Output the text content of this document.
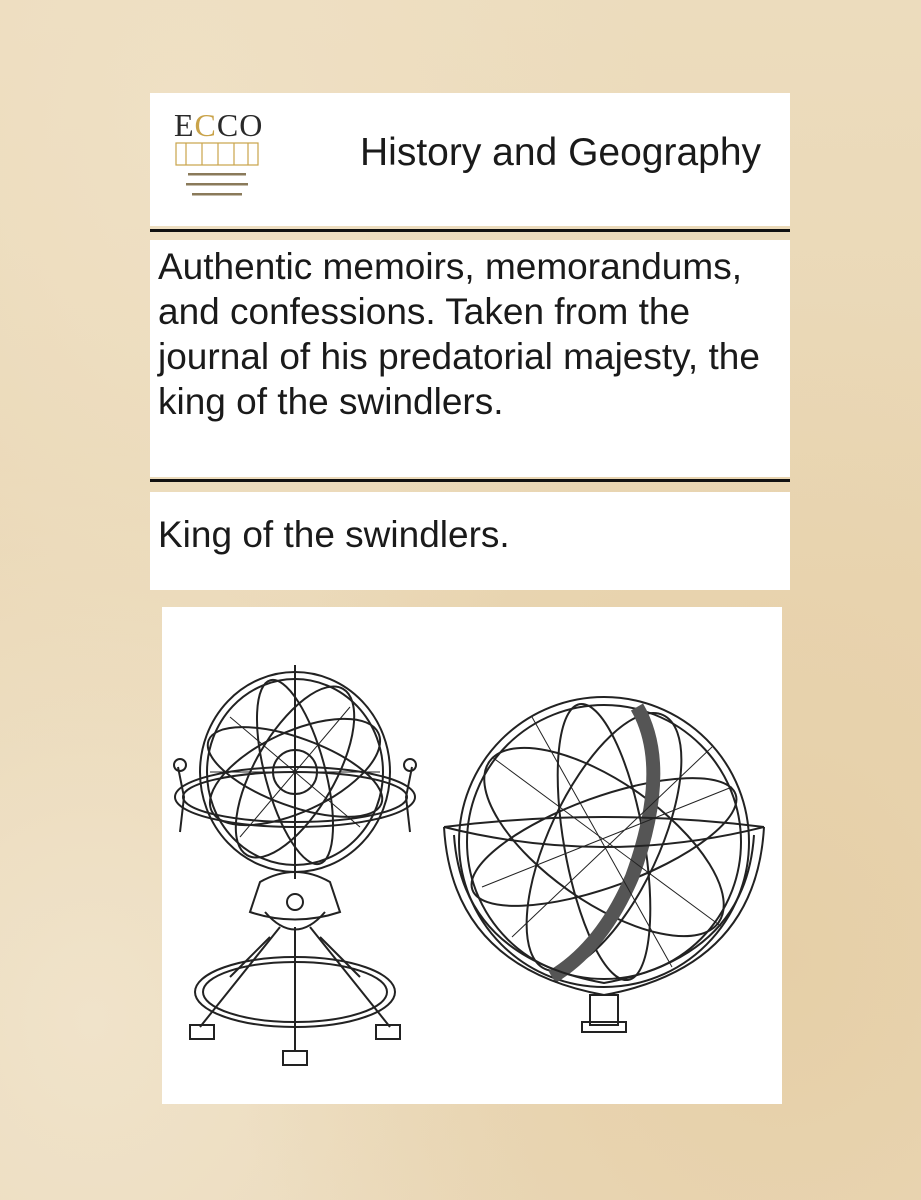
ECCO
History and Geography
Authentic memoirs, memorandums, and confessions. Taken from the journal of his predatorial majesty, the king of the swindlers.
King of the swindlers.
